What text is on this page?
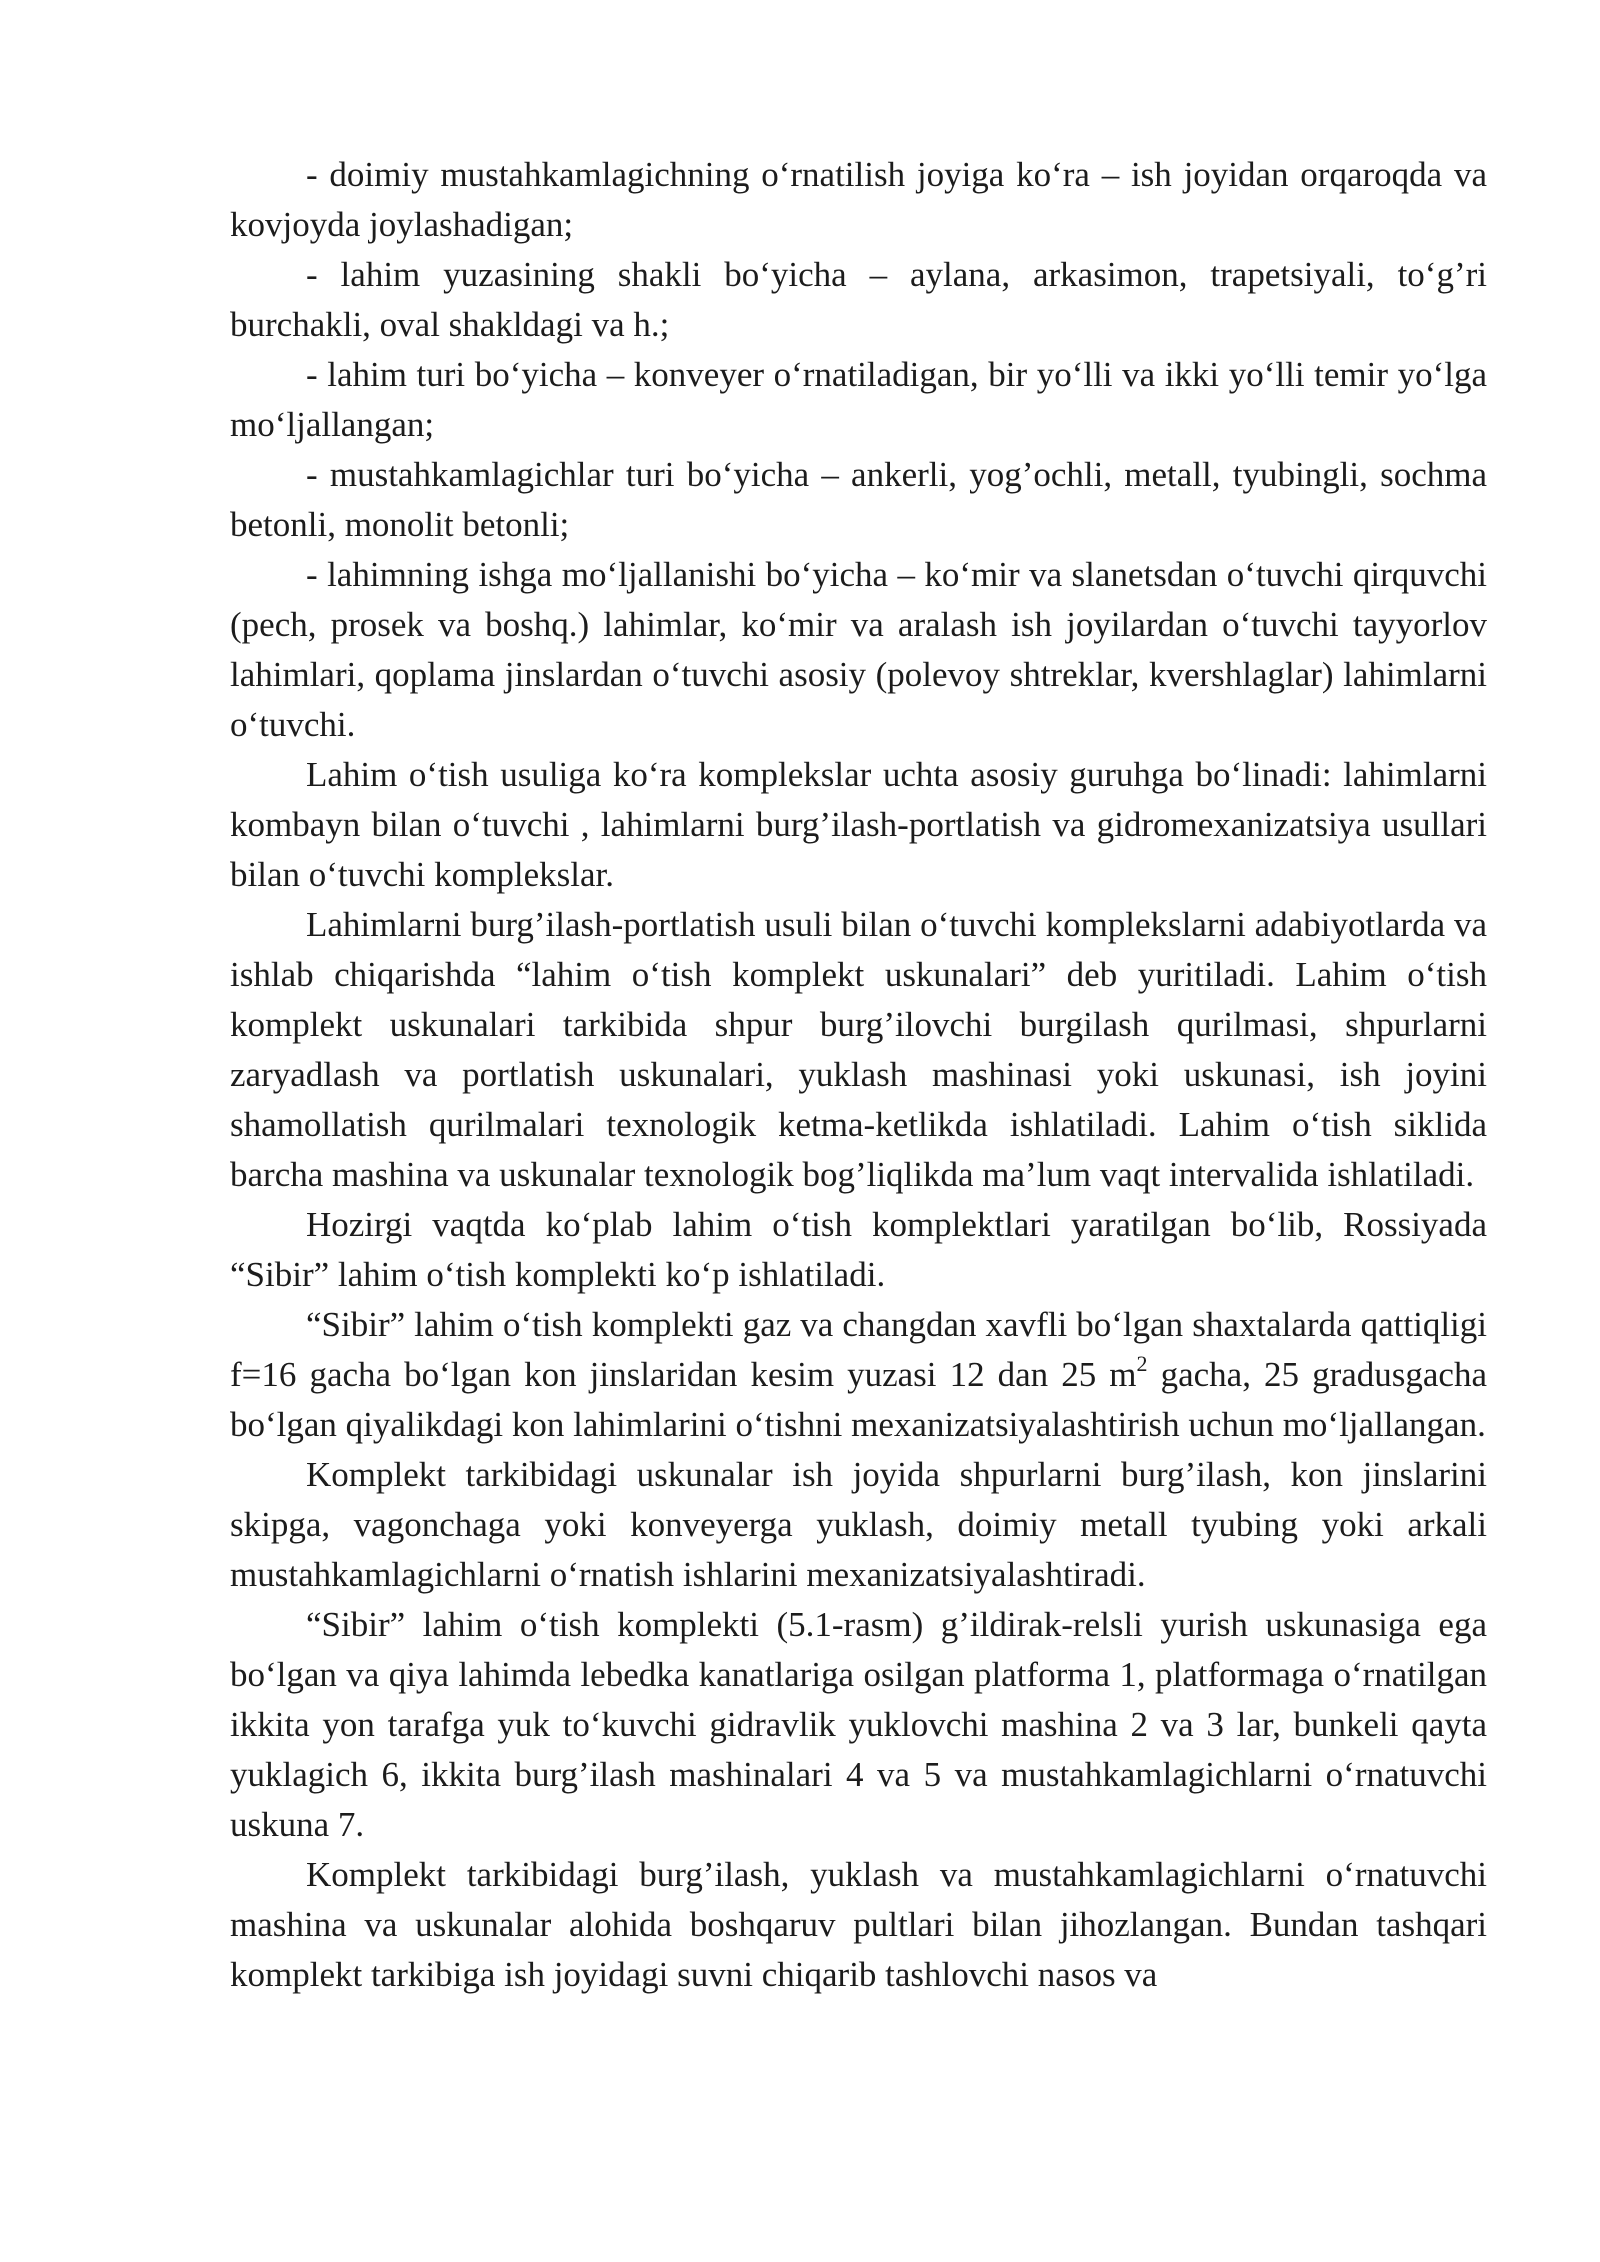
- doimiy mustahkamlagichning o‘rnatilish joyiga ko‘ra – ish joyidan orqaroqda va kovjoyda joylashadigan;

- lahim yuzasining shakli bo‘yicha – aylana, arkasimon, trapetsiyali, to‘g’ri burchakli, oval shakldagi va h.;

- lahim turi bo‘yicha – konveyer o‘rnatiladigan, bir yo‘lli va ikki yo‘lli temir yo‘lga mo‘ljallangan;

- mustahkamlagichlar turi bo‘yicha – ankerli, yog’ochli, metall, tyubingli, sochma betonli, monolit betonli;

- lahimning ishga mo‘ljallanishi bo‘yicha – ko‘mir va slanetsdan o‘tuvchi qirquvchi (pech, prosek va boshq.) lahimlar, ko‘mir va aralash ish joyilardan o‘tuvchi tayyorlov lahimlari, qoplama jinslardan o‘tuvchi asosiy (polevoy shtreklar, kvershlaglar) lahimlarni o‘tuvchi.

Lahim o‘tish usuliga ko‘ra komplekslar uchta asosiy guruhga bo‘linadi: lahimlarni kombayn bilan o‘tuvchi , lahimlarni burg’ilash-portlatish va gidromexanizatsiya usullari bilan o‘tuvchi komplekslar.

Lahimlarni burg’ilash-portlatish usuli bilan o‘tuvchi komplekslarni adabiyotlarda va ishlab chiqarishda “lahim o‘tish komplekt uskunalari” deb yuritiladi. Lahim o‘tish komplekt uskunalari tarkibida shpur burg’ilovchi burgilash qurilmasi, shpurlarni zaryadlash va portlatish uskunalari, yuklash mashinasi yoki uskunasi, ish joyini shamollatish qurilmalari texnologik ketma-ketlikda ishlatiladi. Lahim o‘tish siklida barcha mashina va uskunalar texnologik bog’liqlikda ma’lum vaqt intervalida ishlatiladi.

Hozirgi vaqtda ko‘plab lahim o‘tish komplektlari yaratilgan bo‘lib, Rossiyada “Sibir” lahim o‘tish komplekti ko‘p ishlatiladi.

“Sibir” lahim o‘tish komplekti gaz va changdan xavfli bo‘lgan shaxtalarda qattiqligi f=16 gacha bo‘lgan kon jinslaridan kesim yuzasi 12 dan 25 $m^2$ gacha, 25 gradusgacha bo‘lgan qiyalikdagi kon lahimlarini o‘tishni mexanizatsiyalashtirish uchun mo‘ljallangan.

Komplekt tarkibidagi uskunalar ish joyida shpurlarni burg’ilash, kon jinslarini skipga, vagonchaga yoki konveyerga yuklash, doimiy metall tyubing yoki arkali mustahkamlagichlarni o‘rnatish ishlarini mexanizatsiyalashtiradi.

“Sibir” lahim o‘tish komplekti (5.1-rasm) g’ildirak-relsli yurish uskunasiga ega bo‘lgan va qiya lahimda lebedka kanatlariga osilgan platforma 1, platformaga o‘rnatilgan ikkita yon tarafga yuk to‘kuvchi gidravlik yuklovchi mashina 2 va 3 lar, bunkeli qayta yuklagich 6, ikkita burg’ilash mashinalari 4 va 5 va mustahkamlagichlarni o‘rnatuvchi uskuna 7.

Komplekt tarkibidagi burg’ilash, yuklash va mustahkamlagichlarni o‘rnatuvchi mashina va uskunalar alohida boshqaruv pultlari bilan jihozlangan. Bundan tashqari komplekt tarkibiga ish joyidagi suvni chiqarib tashlovchi nasos va
